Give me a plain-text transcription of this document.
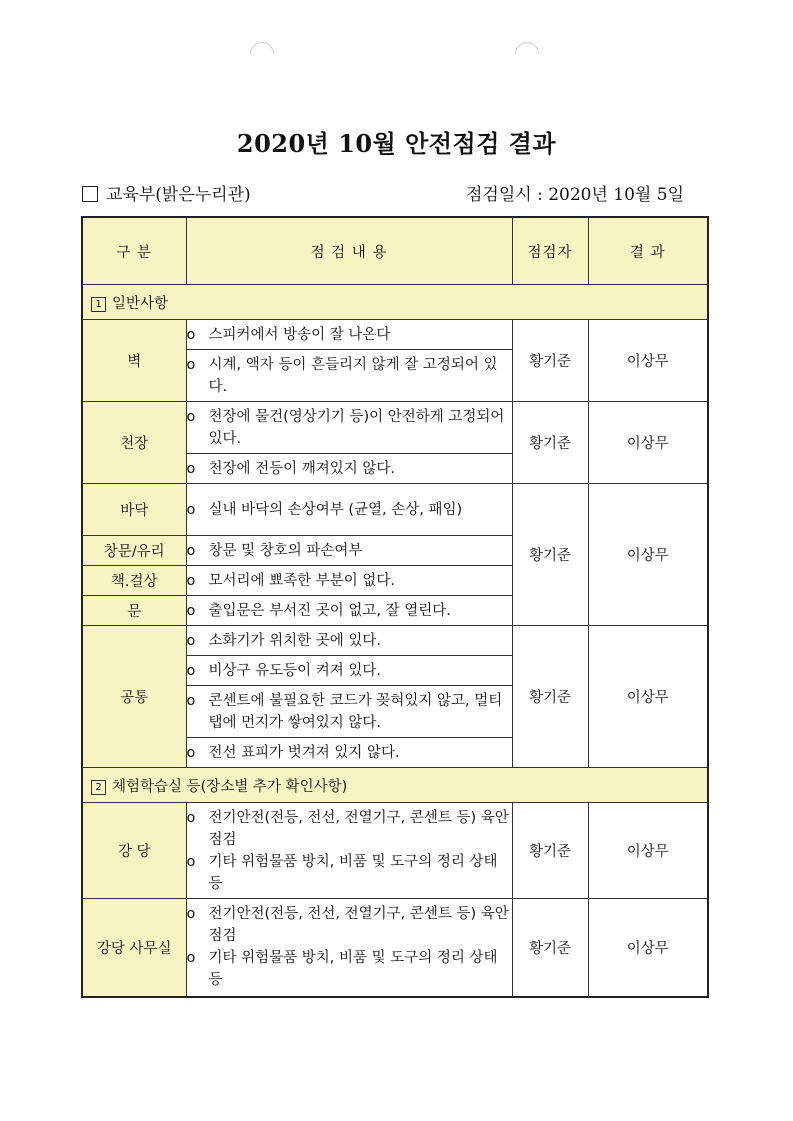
2020년 10월 안전점검 결과
교육부(밝은누리관)	점검일시 : 2020년 10월 5일
구 분	점 검 내 용	점검자	결 과
1 일반사항			
벽	o 스피커에서 방송이 잘 나온다	황기준	이상무

	o 시계, 액자 등이 흔들리지 않게 잘 고정되어 있다.		

천장	o 천장에 물건(영상기기 등)이 안전하게 고정되어 있다.	황기준	이상무

	o 천장에 전등이 깨져있지 않다.		

바닥	o 실내 바닥의 손상여부 (균열, 손상, 패임)	황기준	이상무
창문/유리	o 창문 및 창호의 파손여부		

책.걸상	o 모서리에 뾰족한 부분이 없다.		

문	o 출입문은 부서진 곳이 없고, 잘 열린다.		

공통	o 소화기가 위치한 곳에 있다.	황기준	이상무

	o 비상구 유도등이 켜져 있다.		

	o 콘센트에 불필요한 코드가 꽂혀있지 않고, 멀티탭에 먼지가 쌓여있지 않다.		

	o 전선 표피가 벗겨져 있지 않다.		

2 체험학습실 등(장소별 추가 확인사항)			
강 당	o 전기안전(전등, 전선, 전열기구, 콘센트 등) 육안점검
o 기타 위험물품 방치, 비품 및 도구의 정리 상태 등	황기준	이상무
강당 사무실	o 전기안전(전등, 전선, 전열기구, 콘센트 등) 육안점검
o 기타 위험물품 방치, 비품 및 도구의 정리 상태 등	황기준	이상무
